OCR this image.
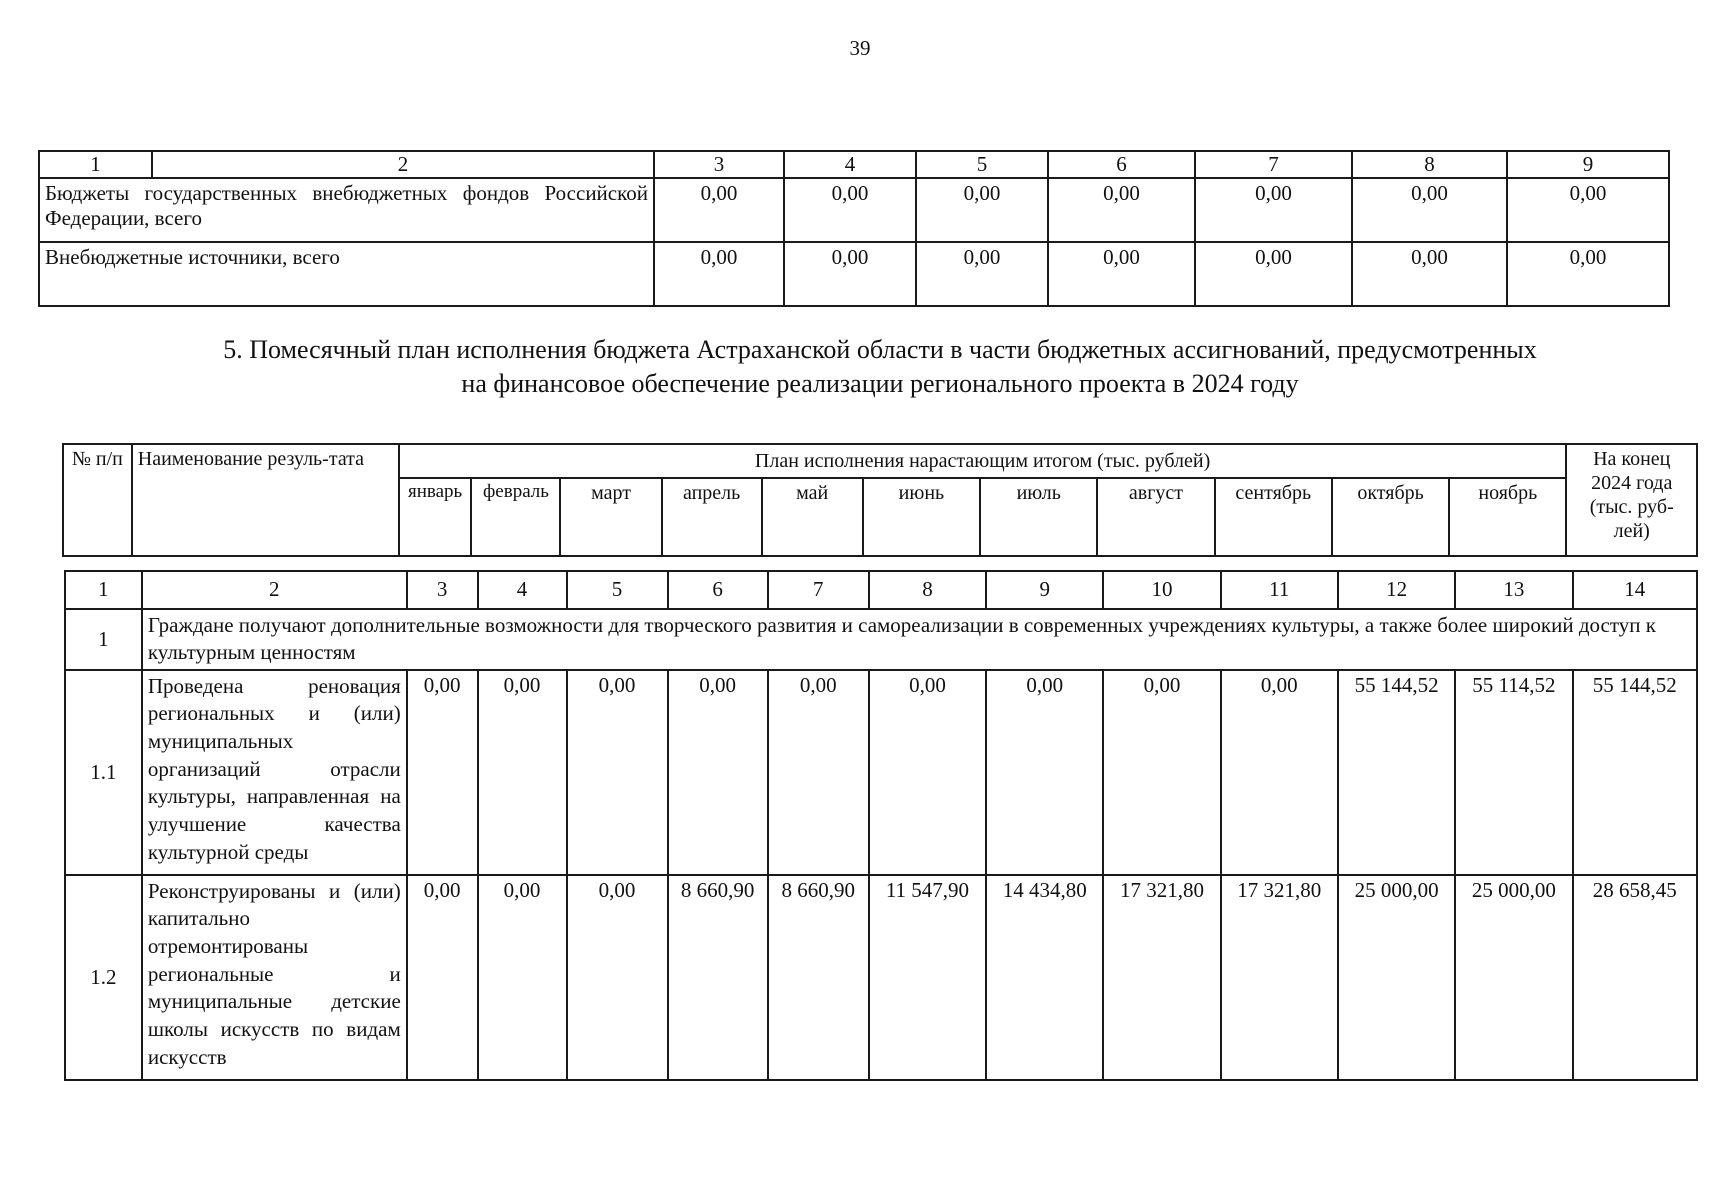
39
1	2	3	4	5	6	7	8	9
Бюджеты государственных внебюджетных фондов Российской Федерации, всего		0,00	0,00	0,00	0,00	0,00	0,00	0,00
Внебюджетные источники, всего		0,00	0,00	0,00	0,00	0,00	0,00	0,00
5. Помесячный план исполнения бюджета Астраханской области в части бюджетных ассигнований, предусмотренных
на финансовое обеспечение реализации регионального проекта в 2024 году
№ п/п	Наименование резуль-тата	План исполнения нарастающим итогом (тыс. рублей)											На конец 2024 года (тыс. руб-лей)
		январь	февраль	март	апрель	май	июнь	июль	август	сентябрь	октябрь	ноябрь	
1	2	3	4	5	6	7	8	9	10	11	12	13	14
1	Граждане получают дополнительные возможности для творческого развития и самореализации в современных учреждениях культуры, а также более широкий доступ к культурным ценностям												
1.1	Проведена реновация региональных и (или) муниципальных организаций отрасли культуры, направленная на улучшение качества культурной среды	0,00	0,00	0,00	0,00	0,00	0,00	0,00	0,00	0,00	55 144,52	55 114,52	55 144,52
1.2	Реконструированы и (или) капитально отремонтированы региональные и муниципальные детские школы искусств по видам искусств	0,00	0,00	0,00	8 660,90	8 660,90	11 547,90	14 434,80	17 321,80	17 321,80	25 000,00	25 000,00	28 658,45
